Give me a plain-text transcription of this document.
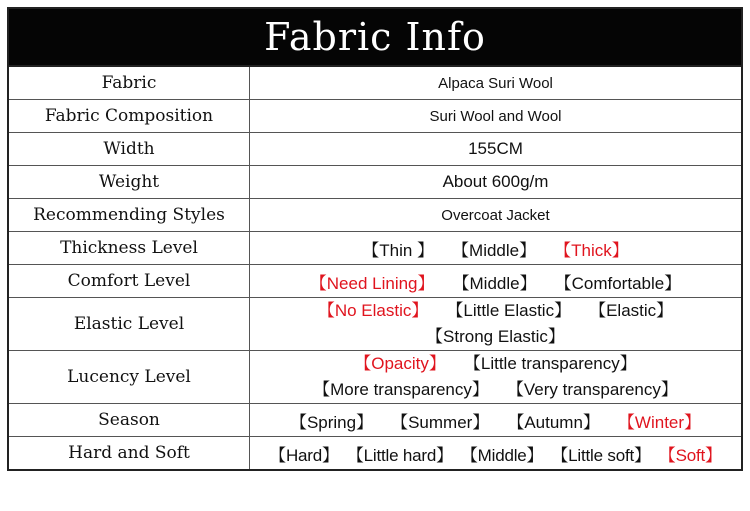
Fabric Info
Fabric	Alpaca Suri Wool
Fabric Composition	Suri Wool and Wool
Width	155CM
Weight	About 600g/m
Recommending Styles	Overcoat Jacket
Thickness Level	【Thin 】 【Middle】 【Thick】
Comfort Level	【Need Lining】 【Middle】 【Comfortable】
Elastic Level	【No Elastic】 【Little Elastic】 【Elastic】
【Strong Elastic】

Lucency Level	【Opacity】 【Little transparency】
【More transparency】 【Very transparency】

Season	【Spring】 【Summer】 【Autumn】 【Winter】
Hard and Soft	【Hard】 【Little hard】 【Middle】 【Little soft】 【Soft】
